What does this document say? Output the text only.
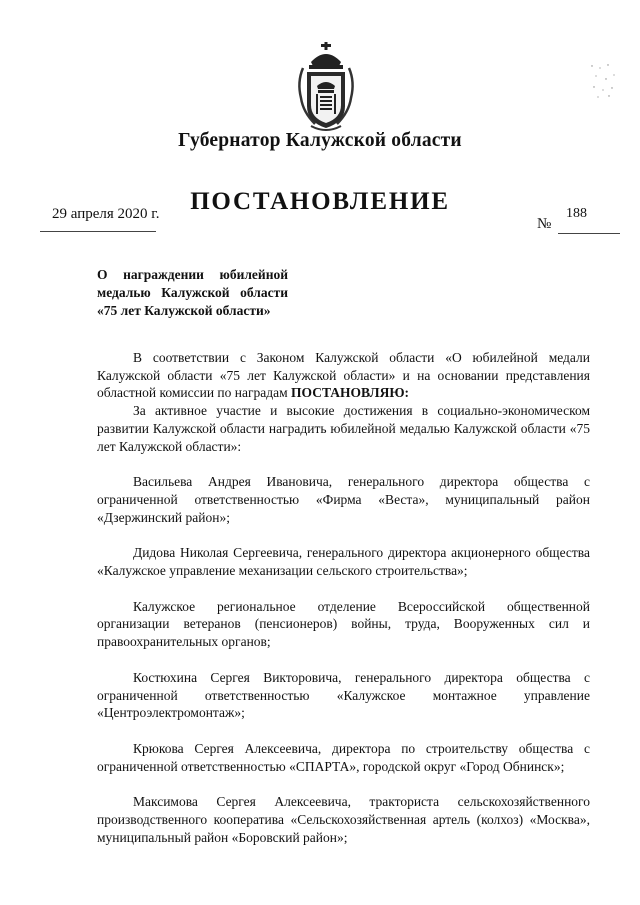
Губернатор Калужской области
29 апреля 2020 г.	ПОСТАНОВЛЕНИЕ
№
188
О награждении юбилейной медалью Калужской области «75 лет Калужской области»

В соответствии с Законом Калужской области «О юбилейной медали Калужской области «75 лет Калужской области» и на основании представления областной комиссии по наградам ПОСТАНОВЛЯЮ:

За активное участие и высокие достижения в социально-экономическом развитии Калужской области наградить юбилейной медалью Калужской области «75 лет Калужской области»:

Васильева Андрея Ивановича, генерального директора общества с ограниченной ответственностью «Фирма «Веста», муниципальный район «Дзержинский район»;

Дидова Николая Сергеевича, генерального директора акционерного общества «Калужское управление механизации сельского строительства»;

Калужское региональное отделение Всероссийской общественной организации ветеранов (пенсионеров) войны, труда, Вооруженных сил и правоохранительных органов;

Костюхина Сергея Викторовича, генерального директора общества с ограниченной ответственностью «Калужское монтажное управление «Центроэлектромонтаж»;

Крюкова Сергея Алексеевича, директора по строительству общества с ограниченной ответственностью «СПАРТА», городской округ «Город Обнинск»;

Максимова Сергея Алексеевича, тракториста сельскохозяйственного производственного кооператива «Сельскохозяйственная артель (колхоз) «Москва», муниципальный район «Боровский район»;
